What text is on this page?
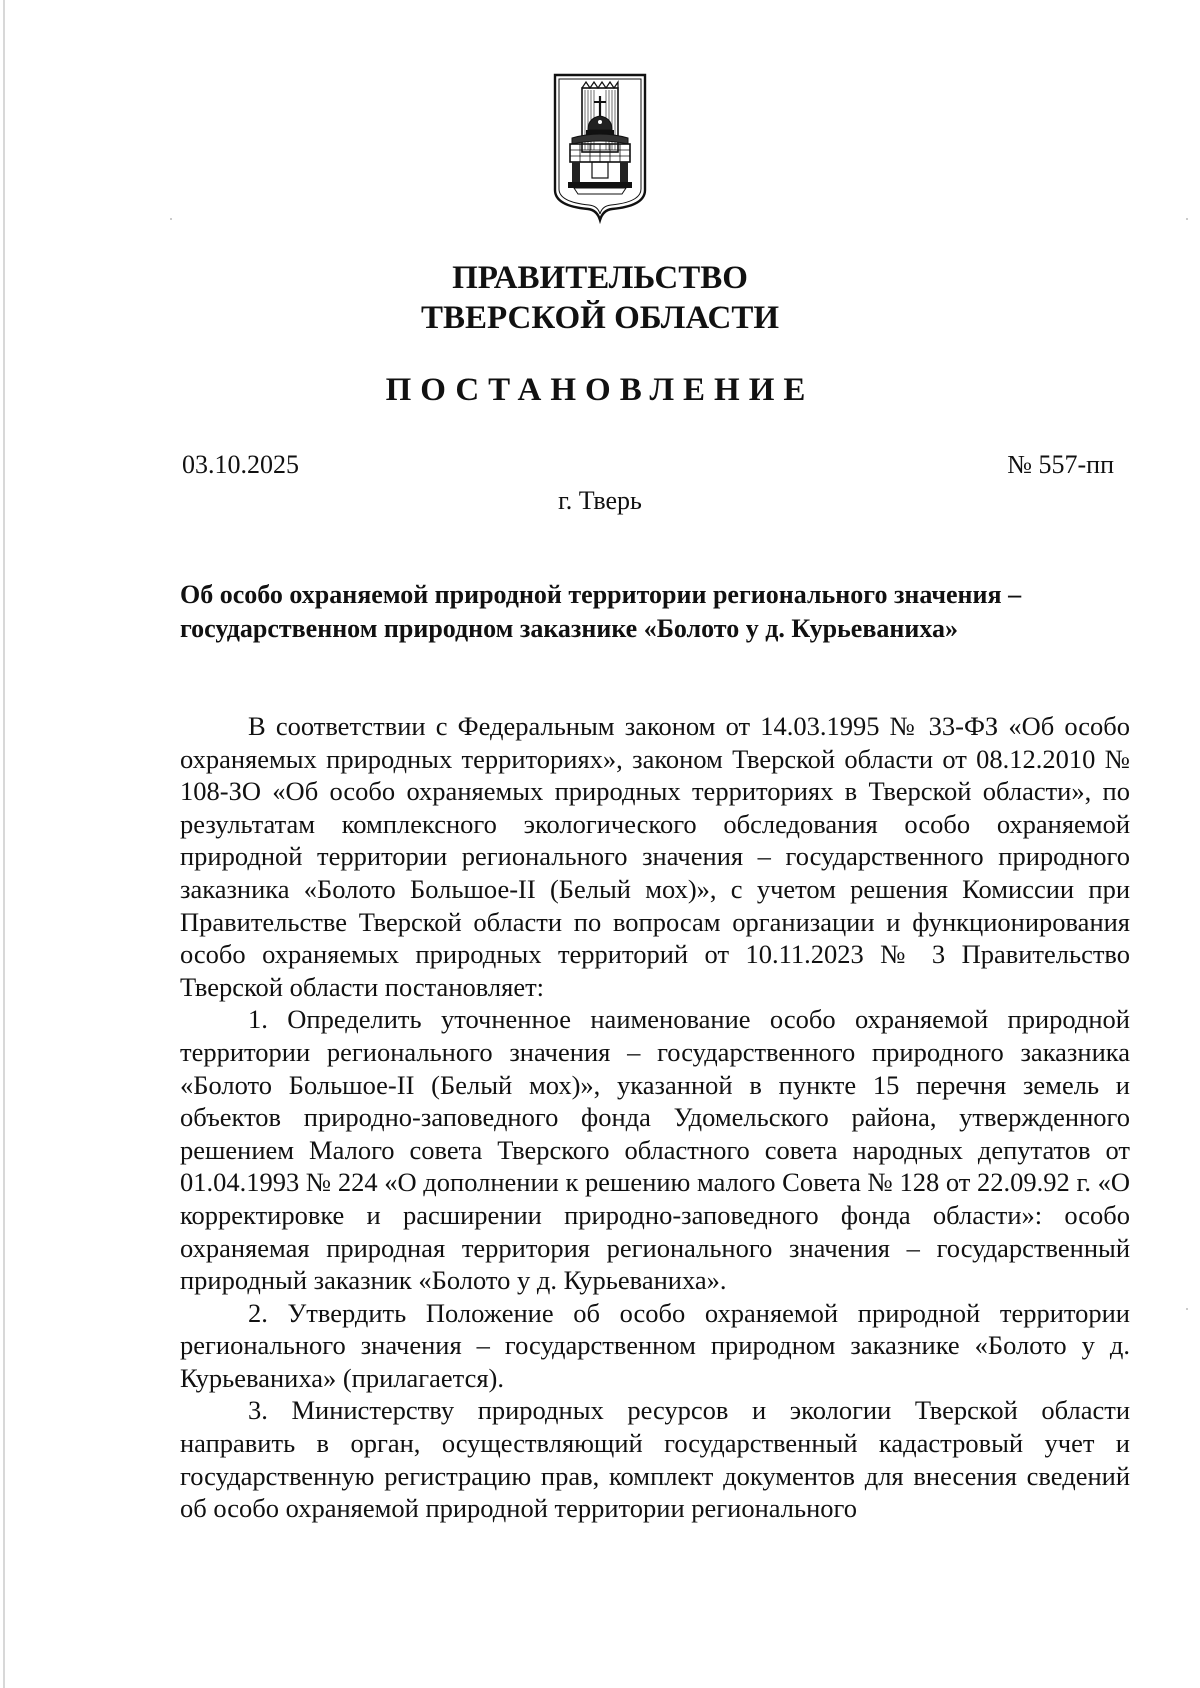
ПРАВИТЕЛЬСТВО
ТВЕРСКОЙ ОБЛАСТИ
ПОСТАНОВЛЕНИЕ
03.10.2025	№ 557-пп
г. Тверь
Об особо охраняемой природной территории регионального значения –
государственном природном заказнике «Болото у д. Курьеваниха»

В соответствии с Федеральным законом от 14.03.1995 № 33-ФЗ «Об особо охраняемых природных территориях», законом Тверской области от 08.12.2010 № 108-ЗО «Об особо охраняемых природных территориях в Тверской области», по результатам комплексного экологического обследования особо охраняемой природной территории регионального значения – государственного природного заказника «Болото Большое-II (Белый мох)», с учетом решения Комиссии при Правительстве Тверской области по вопросам организации и функционирования особо охраняемых природных территорий от 10.11.2023 № 3 Правительство Тверской области постановляет:

1. Определить уточненное наименование особо охраняемой природной территории регионального значения – государственного природного заказника «Болото Большое-II (Белый мох)», указанной в пункте 15 перечня земель и объектов природно-заповедного фонда Удомельского района, утвержденного решением Малого совета Тверского областного совета народных депутатов от 01.04.1993 № 224 «О дополнении к решению малого Совета № 128 от 22.09.92 г. «О корректировке и расширении природно-заповедного фонда области»: особо охраняемая природная территория регионального значения – государственный природный заказник «Болото у д. Курьеваниха».

2. Утвердить Положение об особо охраняемой природной территории регионального значения – государственном природном заказнике «Болото у д. Курьеваниха» (прилагается).

3. Министерству природных ресурсов и экологии Тверской области направить в орган, осуществляющий государственный кадастровый учет и государственную регистрацию прав, комплект документов для внесения сведений об особо охраняемой природной территории регионального
